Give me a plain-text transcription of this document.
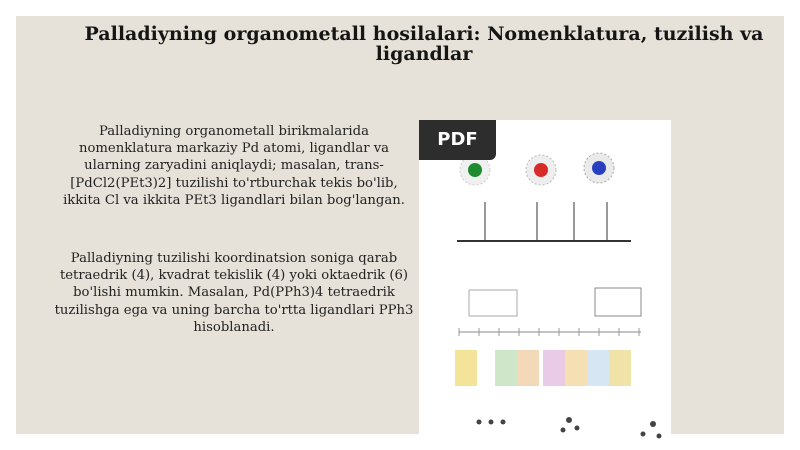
Palladiyning organometall hosilalari: Nomenklatura, tuzilish va ligandlar
Palladiyning organometall birikmalarida nomenklatura markaziy Pd atomi, ligandlar va ularning zaryadini aniqlaydi; masalan, trans-[PdCl2(PEt3)2] tuzilishi to'rtburchak tekis bo'lib, ikkita Cl va ikkita PEt3 ligandlari bilan bog'langan.
Palladiyning tuzilishi koordinatsion soniga qarab tetraedrik (4), kvadrat tekislik (4) yoki oktaedrik (6) bo'lishi mumkin. Masalan, Pd(PPh3)4 tetraedrik tuzilishga ega va uning barcha to'rtta ligandlari PPh3 hisoblanadi.
PDF
